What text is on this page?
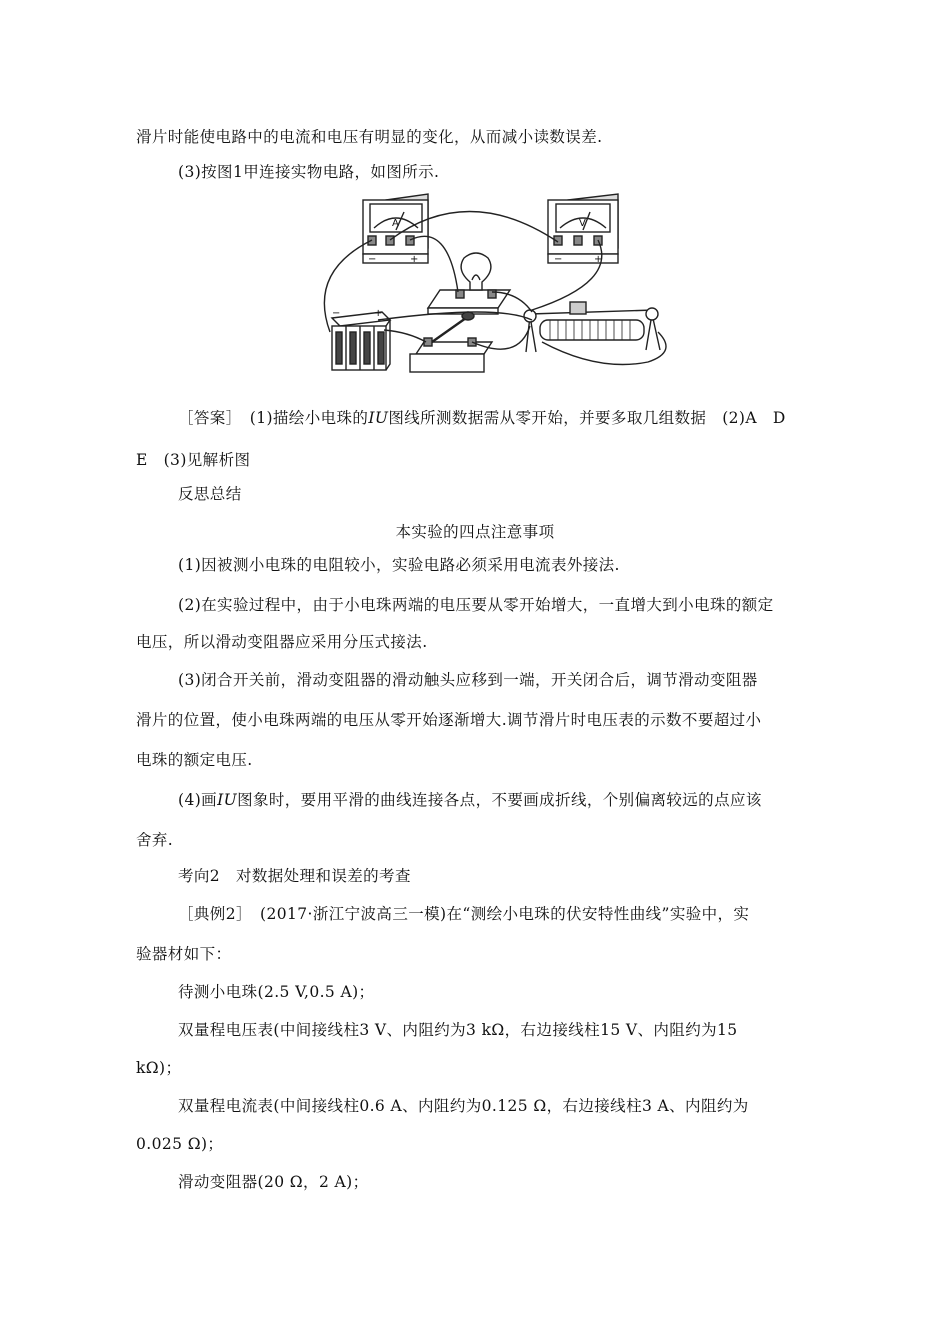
滑片时能使电路中的电流和电压有明显的变化，从而减小读数误差.
(3)按图1甲连接实物电路，如图所示.
A	V
−	+	−	+
−	+
［答案］　(1)描绘小电珠的IU图线所测数据需从零开始，并要多取几组数据　(2)A　D
E　(3)见解析图
反思总结
本实验的四点注意事项
(1)因被测小电珠的电阻较小，实验电路必须采用电流表外接法.
(2)在实验过程中，由于小电珠两端的电压要从零开始增大，一直增大到小电珠的额定
电压，所以滑动变阻器应采用分压式接法.
(3)闭合开关前，滑动变阻器的滑动触头应移到一端，开关闭合后，调节滑动变阻器
滑片的位置，使小电珠两端的电压从零开始逐渐增大.调节滑片时电压表的示数不要超过小
电珠的额定电压.
(4)画IU图象时，要用平滑的曲线连接各点，不要画成折线，个别偏离较远的点应该
舍弃.
考向2　对数据处理和误差的考查
［典例2］　(2017·浙江宁波高三一模)在“测绘小电珠的伏安特性曲线”实验中，实
验器材如下：
待测小电珠(2.5 V,0.5 A)；
双量程电压表(中间接线柱3 V、内阻约为3 kΩ，右边接线柱15 V、内阻约为15
kΩ)；
双量程电流表(中间接线柱0.6 A、内阻约为0.125 Ω，右边接线柱3 A、内阻约为
0.025 Ω)；
滑动变阻器(20 Ω，2 A)；
